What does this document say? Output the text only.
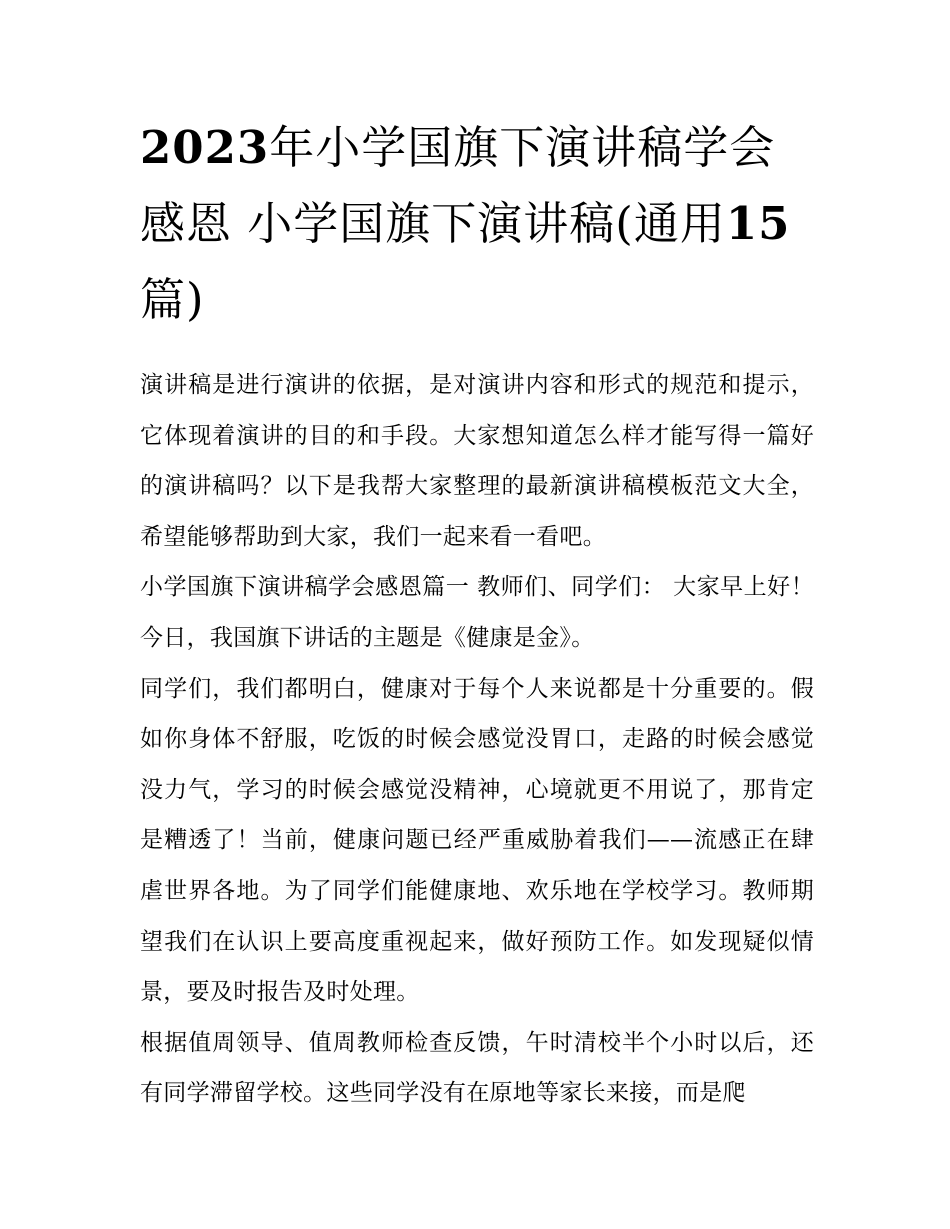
2023年小学国旗下演讲稿学会感恩 小学国旗下演讲稿(通用15篇)

演讲稿是进行演讲的依据，是对演讲内容和形式的规范和提示，它体现着演讲的目的和手段。大家想知道怎么样才能写得一篇好的演讲稿吗？以下是我帮大家整理的最新演讲稿模板范文大全，希望能够帮助到大家，我们一起来看一看吧。

小学国旗下演讲稿学会感恩篇一 教师们、同学们： 大家早上好！ 今日，我国旗下讲话的主题是《健康是金》。

同学们，我们都明白，健康对于每个人来说都是十分重要的。假如你身体不舒服，吃饭的时候会感觉没胃口，走路的时候会感觉没力气，学习的时候会感觉没精神，心境就更不用说了，那肯定是糟透了！当前，健康问题已经严重威胁着我们——流感正在肆虐世界各地。为了同学们能健康地、欢乐地在学校学习。教师期望我们在认识上要高度重视起来，做好预防工作。如发现疑似情景，要及时报告及时处理。

根据值周领导、值周教师检查反馈，午时清校半个小时以后，还有同学滞留学校。这些同学没有在原地等家长来接，而是爬
